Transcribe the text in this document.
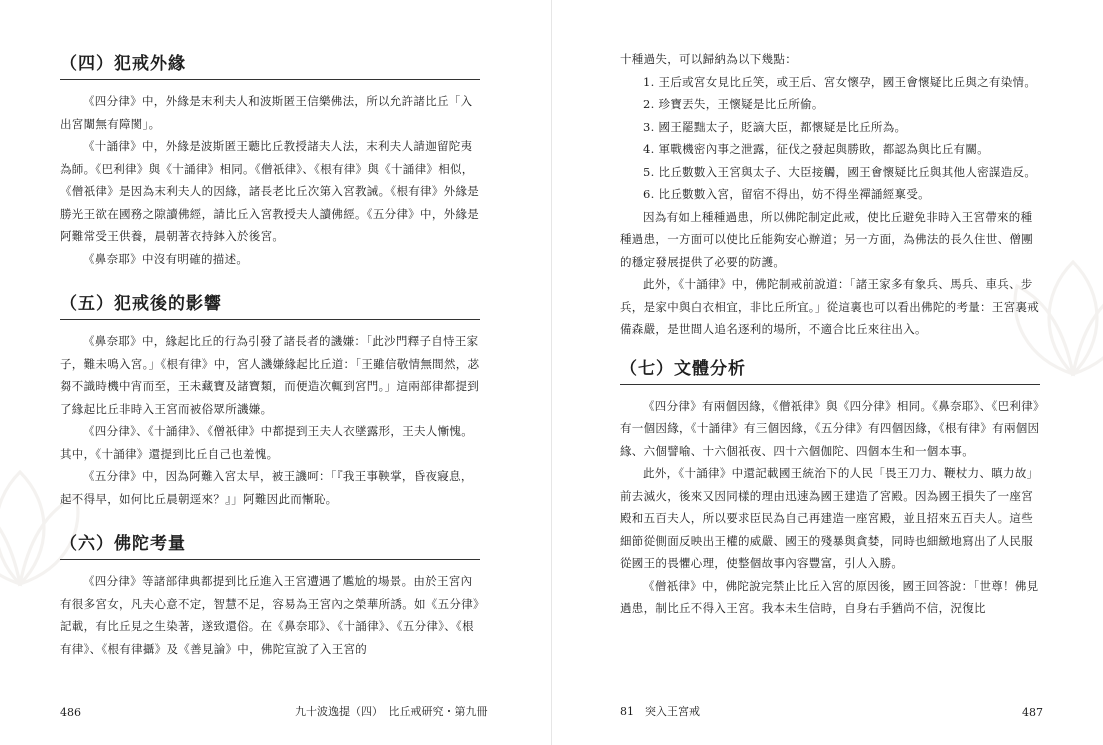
（四）犯戒外緣

《四分律》中，外緣是末利夫人和波斯匿王信樂佛法，所以允許諸比丘「入出宮闈無有障閡」。

《十誦律》中，外緣是波斯匿王聽比丘教授諸夫人法，末利夫人請迦留陀夷為師。《巴利律》與《十誦律》相同。《僧祇律》、《根有律》與《十誦律》相似，《僧祇律》是因為末利夫人的因緣，諸長老比丘次第入宮教誡。《根有律》外緣是勝光王欲在國務之隙讀佛經，請比丘入宮教授夫人讀佛經。《五分律》中，外緣是阿難常受王供養，晨朝著衣持鉢入於後宮。

《鼻奈耶》中沒有明確的描述。

（五）犯戒後的影響

《鼻奈耶》中，緣起比丘的行為引發了諸長者的譏嫌：「此沙門釋子自恃王家子，難未鳴入宮。」《根有律》中，宮人譏嫌緣起比丘道：「王雖信敬情無間然，苾芻不識時機中宵而至，王未藏寶及諸寶類，而便造次輒到宮門。」這兩部律都提到了緣起比丘非時入王宮而被俗眾所譏嫌。

《四分律》、《十誦律》、《僧祇律》中都提到王夫人衣墜露形，王夫人慚愧。其中，《十誦律》還提到比丘自己也羞愧。

《五分律》中，因為阿難入宮太早，被王譏呵：「『我王事鞅掌，昏夜寢息，起不得早，如何比丘晨朝逕來？』」阿難因此而慚恥。

（六）佛陀考量

《四分律》等諸部律典都提到比丘進入王宮遭遇了尷尬的場景。由於王宮內有很多宮女，凡夫心意不定，智慧不足，容易為王宮內之榮華所誘。如《五分律》記載，有比丘見之生染著，遂致還俗。在《鼻奈耶》、《十誦律》、《五分律》、《根有律》、《根有律攝》及《善見論》中，佛陀宣說了入王宮的

486	九十波逸提（四）　比丘戒研究・第九冊

十種過失，可以歸納為以下幾點：

1. 王后或宮女見比丘笑，或王后、宮女懷孕，國王會懷疑比丘與之有染情。

2. 珍寶丟失，王懷疑是比丘所偷。

3. 國王罷黜太子，貶謫大臣，都懷疑是比丘所為。

4. 軍戰機密內事之泄露，征伐之發起與勝敗，都認為與比丘有關。

5. 比丘數數入王宮與太子、大臣接觸，國王會懷疑比丘與其他人密謀造反。

6. 比丘數數入宮，留宿不得出，妨不得坐禪誦經稟受。

因為有如上種種過患，所以佛陀制定此戒，使比丘避免非時入王宮帶來的種種過患，一方面可以使比丘能夠安心辦道；另一方面，為佛法的長久住世、僧團的穩定發展提供了必要的防護。

此外，《十誦律》中，佛陀制戒前說道：「諸王家多有象兵、馬兵、車兵、步兵，是家中與白衣相宜，非比丘所宜。」從這裏也可以看出佛陀的考量：王宮裏戒備森嚴，是世間人追名逐利的場所，不適合比丘來往出入。

（七）文體分析

《四分律》有兩個因緣，《僧祇律》與《四分律》相同。《鼻奈耶》、《巴利律》有一個因緣，《十誦律》有三個因緣，《五分律》有四個因緣，《根有律》有兩個因緣、六個譬喻、十六個祇夜、四十六個伽陀、四個本生和一個本事。

此外，《十誦律》中還記載國王統治下的人民「畏王刀力、鞭杖力、瞋力故」前去滅火，後來又因同樣的理由迅速為國王建造了宮殿。因為國王損失了一座宮殿和五百夫人，所以要求臣民為自己再建造一座宮殿，並且招來五百夫人。這些細節從側面反映出王權的威嚴、國王的殘暴與貪婪，同時也細緻地寫出了人民服從國王的畏懼心理，使整個故事內容豐富，引人入勝。

《僧祇律》中，佛陀說完禁止比丘入宮的原因後，國王回答說：「世尊！佛見過患，制比丘不得入王宮。我本未生信時，自身右手猶尚不信，況復比

81　突入王宮戒	487
